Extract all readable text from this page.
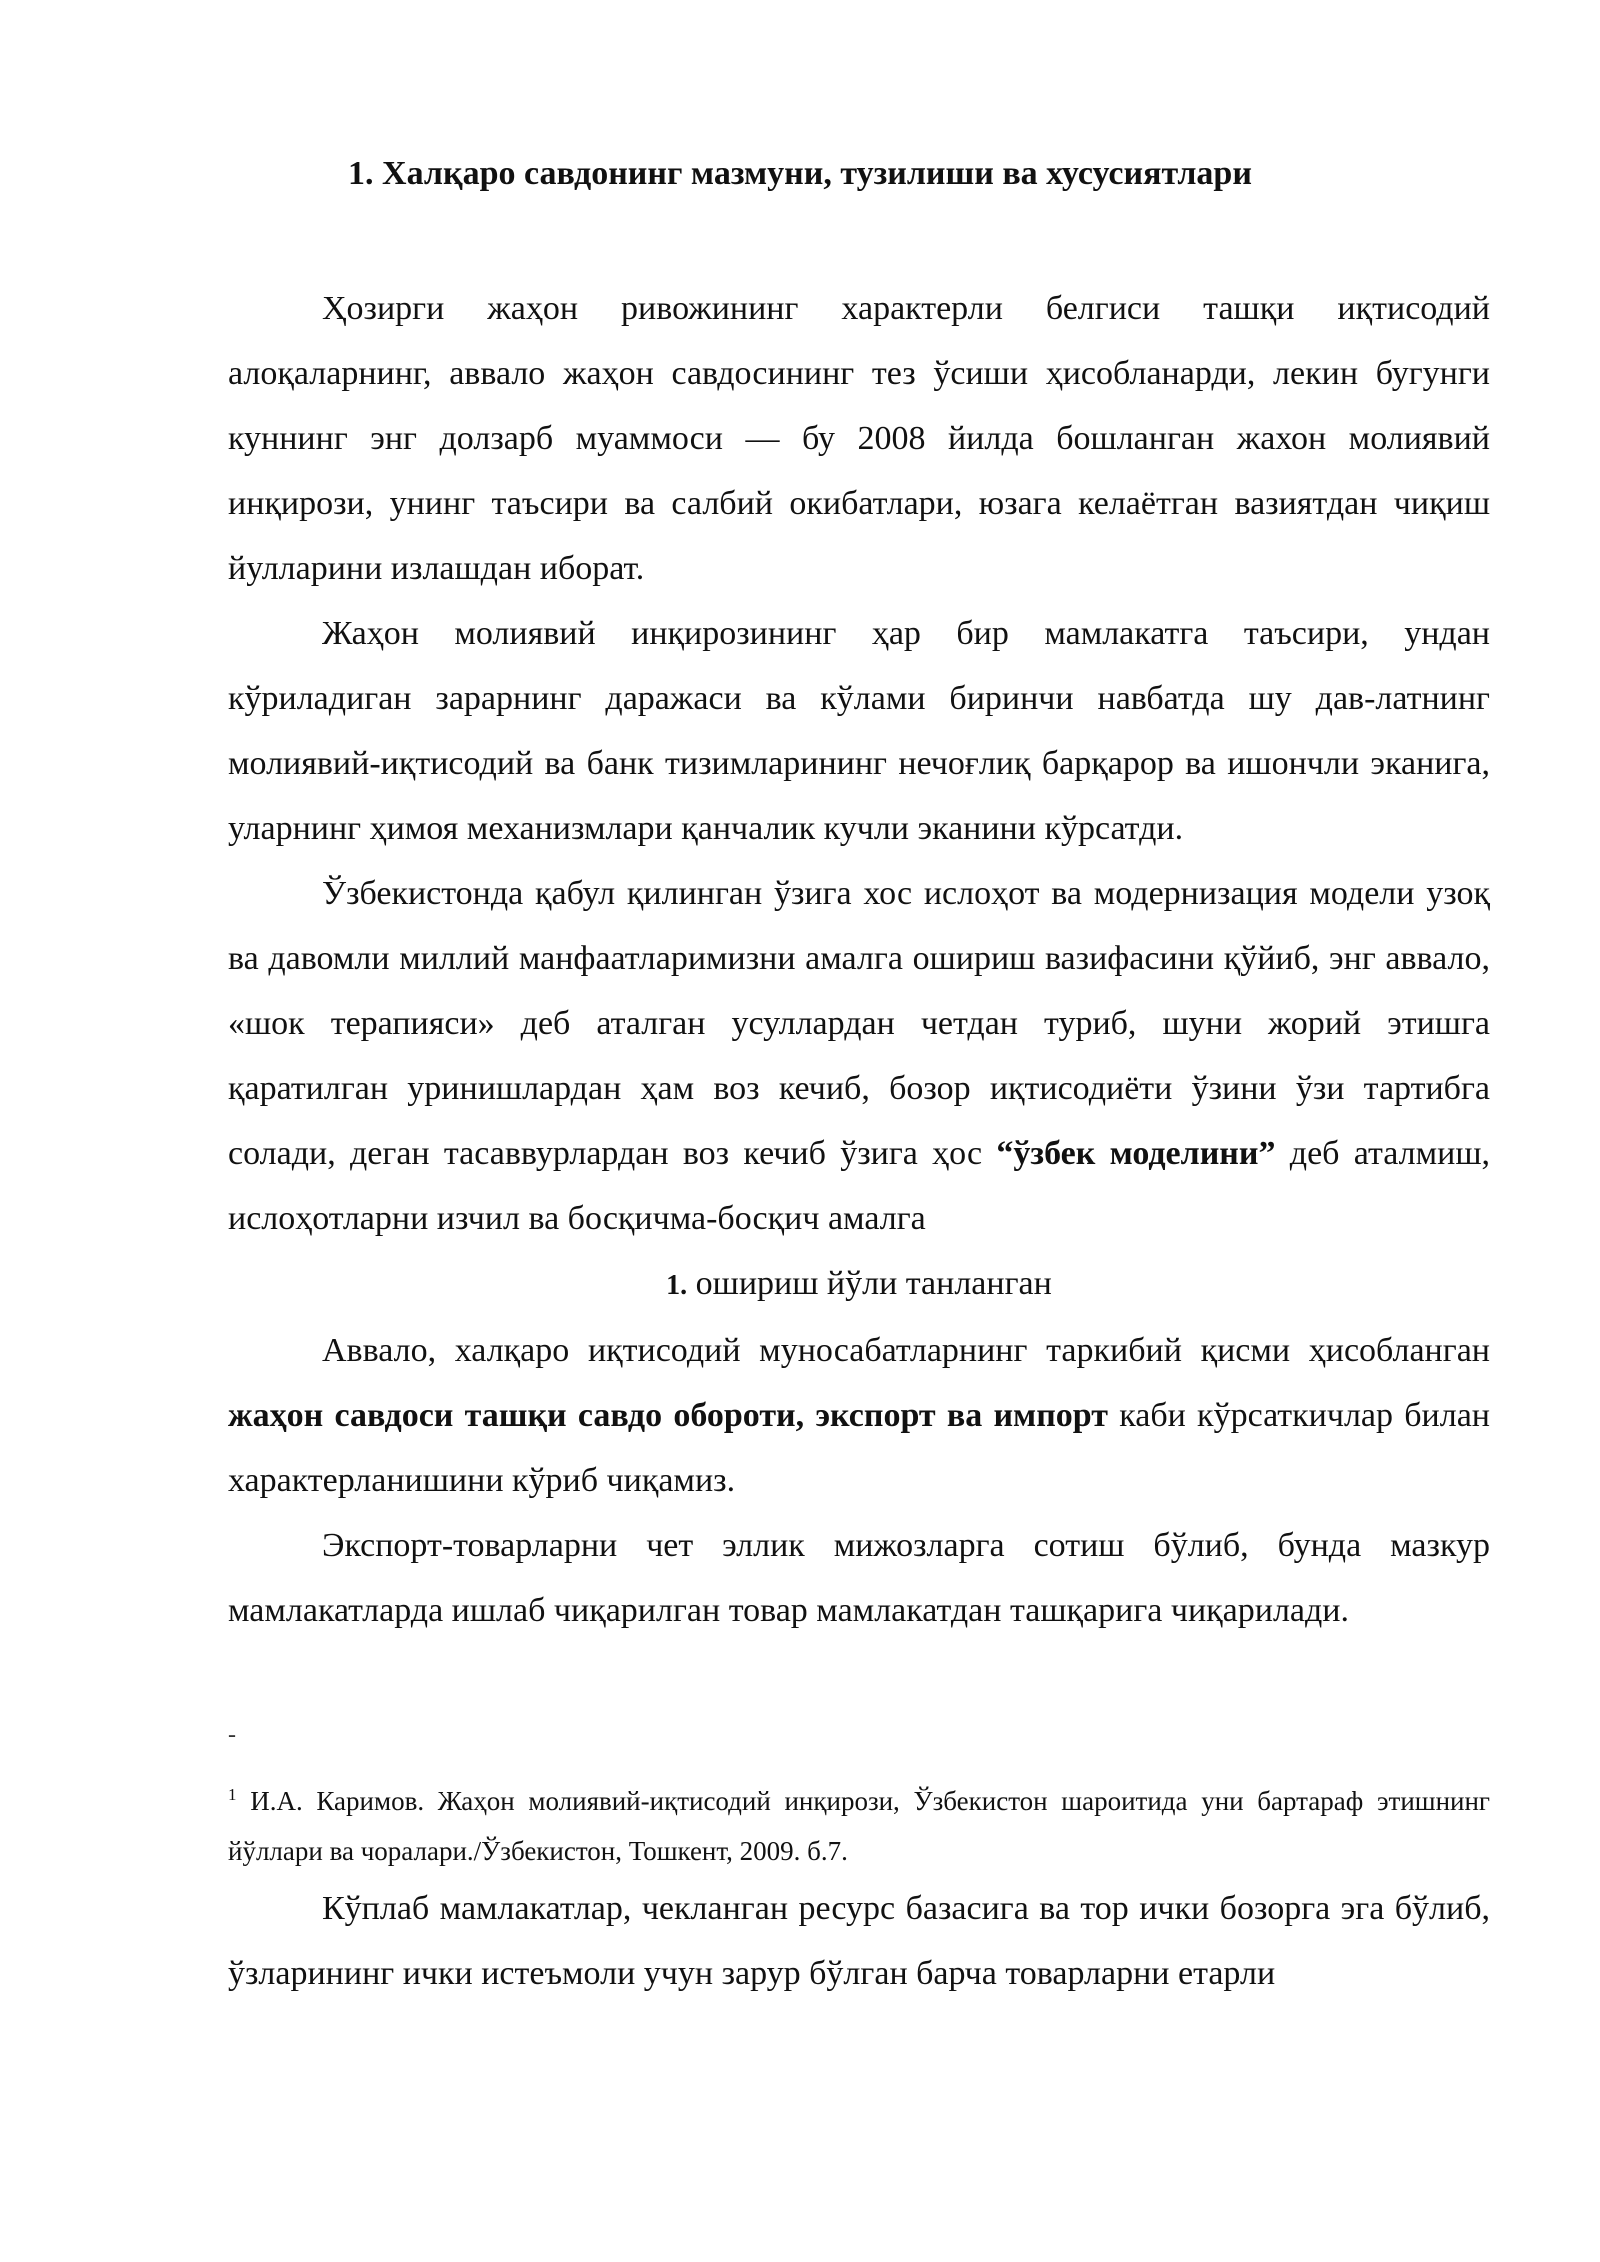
1. Халқаро савдонинг мазмуни, тузилиши ва хусусиятлари

Ҳозирги жаҳон ривожининг характерли белгиси ташқи иқтисодий алоқаларнинг, аввало жаҳон савдосининг тез ўсиши ҳисобланарди, лекин бугунги куннинг энг долзарб муаммоси — бу 2008 йилда бошланган жахон молиявий инқирози, унинг таъсири ва салбий окибатлари, юзага келаётган вазиятдан чиқиш йулларини излашдан иборат.

Жаҳон молиявий инқирозининг ҳар бир мамлакатга таъсири, ундан кўриладиган зарарнинг даражаси ва кўлами биринчи навбатда шу дав-латнинг молиявий-иқтисодий ва банк тизимларининг нечоғлиқ барқарор ва ишончли эканига, уларнинг ҳимоя механизмлари қанчалик кучли эканини кўрсатди.

Ўзбекистонда қабул қилинган ўзига хос ислоҳот ва модернизация модели узоқ ва давомли миллий манфаатларимизни амалга ошириш вазифасини қўйиб, энг аввало, «шок терапияси» деб аталган усуллардан четдан туриб, шуни жорий этишга қаратилган уринишлардан ҳам воз кечиб, бозор иқтисодиёти ўзини ўзи тартибга солади, деган тасаввурлардан воз кечиб ўзига ҳос “ўзбек моделини” деб аталмиш, ислоҳотларни изчил ва босқичма-босқич амалга

1. ошириш йўли танланган

Аввало, халқаро иқтисодий муносабатларнинг таркибий қисми ҳисобланган жаҳон савдоси ташқи савдо обороти, экспорт ва импорт каби кўрсаткичлар билан характерланишини кўриб чиқамиз.

Экспорт-товарларни чет эллик мижозларга сотиш бўлиб, бунда мазкур мамлакатларда ишлаб чиқарилган товар мамлакатдан ташқарига чиқарилади.

-
$^1$ И.А. Каримов. Жаҳон молиявий-иқтисодий инқирози, Ўзбекистон шароитида уни бартараф этишнинг йўллари ва чоралари./Ўзбекистон, Тошкент, 2009. б.7.

Кўплаб мамлакатлар, чекланган ресурс базасига ва тор ички бозорга эга бўлиб, ўзларининг ички истеъмоли учун зарур бўлган барча товарларни етарли
